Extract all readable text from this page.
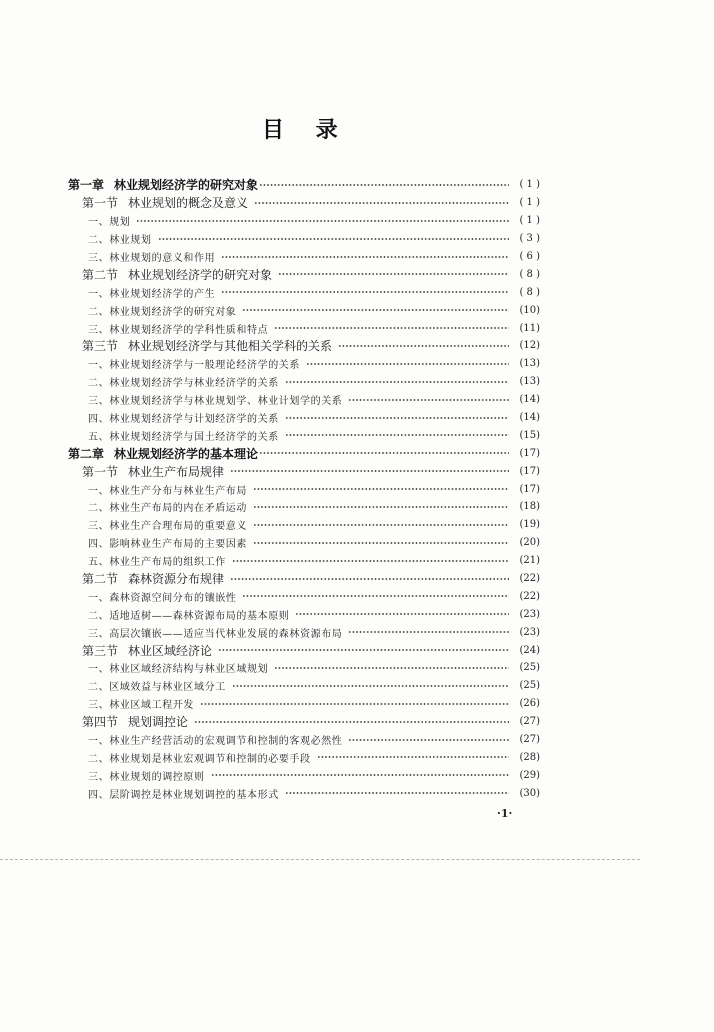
目 录
第一章 林业规划经济学的研究对象	( 1 )
第一节 林业规划的概念及意义	( 1 )
一、规划	( 1 )
二、林业规划	( 3 )
三、林业规划的意义和作用	( 6 )
第二节 林业规划经济学的研究对象	( 8 )
一、林业规划经济学的产生	( 8 )
二、林业规划经济学的研究对象	(10)
三、林业规划经济学的学科性质和特点	(11)
第三节 林业规划经济学与其他相关学科的关系	(12)
一、林业规划经济学与一般理论经济学的关系	(13)
二、林业规划经济学与林业经济学的关系	(13)
三、林业规划经济学与林业规划学、林业计划学的关系	(14)
四、林业规划经济学与计划经济学的关系	(14)
五、林业规划经济学与国土经济学的关系	(15)
第二章 林业规划经济学的基本理论	(17)
第一节 林业生产布局规律	(17)
一、林业生产分布与林业生产布局	(17)
二、林业生产布局的内在矛盾运动	(18)
三、林业生产合理布局的重要意义	(19)
四、影响林业生产布局的主要因素	(20)
五、林业生产布局的组织工作	(21)
第二节 森林资源分布规律	(22)
一、森林资源空间分布的镶嵌性	(22)
二、适地适树——森林资源布局的基本原则	(23)
三、高层次镶嵌——适应当代林业发展的森林资源布局	(23)
第三节 林业区域经济论	(24)
一、林业区域经济结构与林业区域规划	(25)
二、区域效益与林业区域分工	(25)
三、林业区域工程开发	(26)
第四节 规划调控论	(27)
一、林业生产经营活动的宏观调节和控制的客观必然性	(27)
二、林业规划是林业宏观调节和控制的必要手段	(28)
三、林业规划的调控原则	(29)
四、层阶调控是林业规划调控的基本形式	(30)
·1·
